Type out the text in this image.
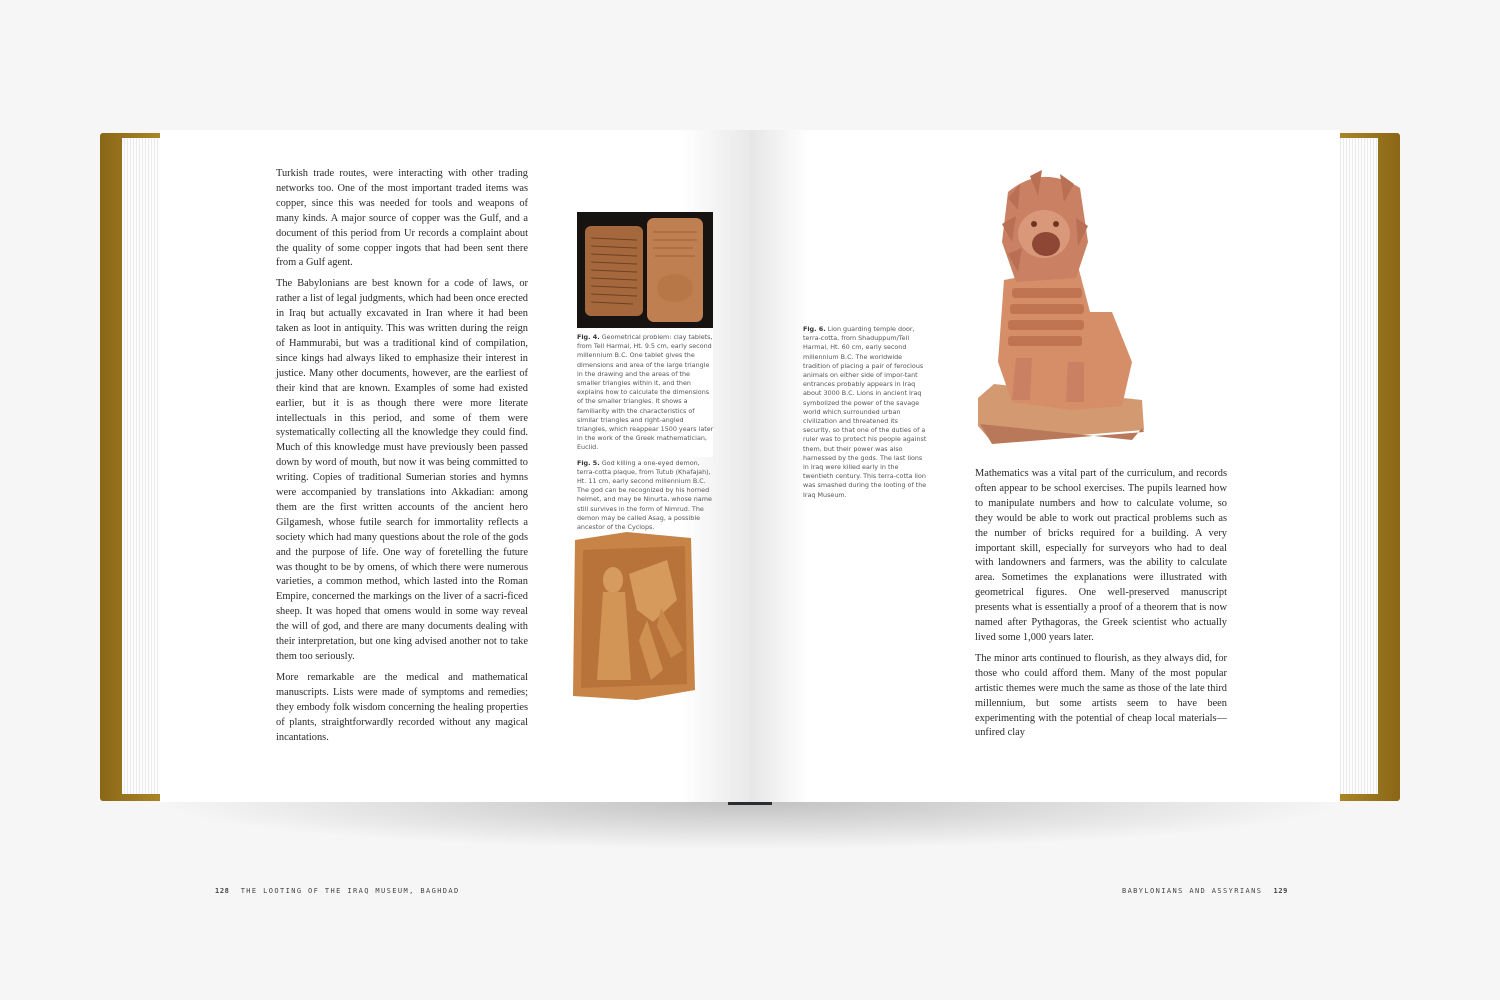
Turkish trade routes, were interacting with other trading networks too. One of the most important traded items was copper, since this was needed for tools and weapons of many kinds. A major source of copper was the Gulf, and a document of this period from Ur records a complaint about the quality of some copper ingots that had been sent there from a Gulf agent.

The Babylonians are best known for a code of laws, or rather a list of legal judgments, which had been once erected in Iraq but actually excavated in Iran where it had been taken as loot in antiquity. This was written during the reign of Hammurabi, but was a traditional kind of compilation, since kings had always liked to emphasize their interest in justice. Many other documents, however, are the earliest of their kind that are known. Examples of some had existed earlier, but it is as though there were more literate intellectuals in this period, and some of them were systematically collecting all the knowledge they could find. Much of this knowledge must have previously been passed down by word of mouth, but now it was being committed to writing. Copies of traditional Sumerian stories and hymns were accompanied by translations into Akkadian: among them are the first written accounts of the ancient hero Gilgamesh, whose futile search for immortality reflects a society which had many questions about the role of the gods and the purpose of life. One way of foretelling the future was thought to be by omens, of which there were numerous varieties, a common method, which lasted into the Roman Empire, concerned the markings on the liver of a sacri-ficed sheep. It was hoped that omens would in some way reveal the will of god, and there are many documents dealing with their interpretation, but one king advised another not to take them too seriously.

More remarkable are the medical and mathematical manuscripts. Lists were made of symptoms and remedies; they embody folk wisdom concerning the healing properties of plants, straightforwardly recorded without any magical incantations.

Fig. 4. Geometrical problem: clay tablets, from Tell Harmal, Ht. 9.5 cm, early second millennium B.C. One tablet gives the dimensions and area of the large triangle in the drawing and the areas of the smaller triangles within it, and then explains how to calculate the dimensions of the smaller triangles. It shows a familiarity with the characteristics of similar triangles and right-angled triangles, which reappear 1500 years later in the work of the Greek mathematician, Euclid.

Fig. 5. God killing a one-eyed demon, terra-cotta plaque, from Tutub (Khafajah), Ht. 11 cm, early second millennium B.C. The god can be recognized by his horned helmet, and may be Ninurta, whose name still survives in the form of Nimrud. The demon may be called Asag, a possible ancestor of the Cyclops.

128 THE LOOTING OF THE IRAQ MUSEUM, BAGHDAD

Fig. 6. Lion guarding temple door, terra-cotta, from Shaduppum/Tell Harmal, Ht. 60 cm, early second millennium B.C. The worldwide tradition of placing a pair of ferocious animals on either side of impor-tant entrances probably appears in Iraq about 3000 B.C. Lions in ancient Iraq symbolized the power of the savage world which surrounded urban civilization and threatened its security, so that one of the duties of a ruler was to protect his people against them, but their power was also harnessed by the gods. The last lions in Iraq were killed early in the twentieth century. This terra-cotta lion was smashed during the looting of the Iraq Museum.

Mathematics was a vital part of the curriculum, and records often appear to be school exercises. The pupils learned how to manipulate numbers and how to calculate volume, so they would be able to work out practical problems such as the number of bricks required for a building. A very important skill, especially for surveyors who had to deal with landowners and farmers, was the ability to calculate area. Sometimes the explanations were illustrated with geometrical figures. One well-preserved manuscript presents what is essentially a proof of a theorem that is now named after Pythagoras, the Greek scientist who actually lived some 1,000 years later.

The minor arts continued to flourish, as they always did, for those who could afford them. Many of the most popular artistic themes were much the same as those of the late third millennium, but some artists seem to have been experimenting with the potential of cheap local materials—unfired clay

BABYLONIANS AND ASSYRIANS 129
